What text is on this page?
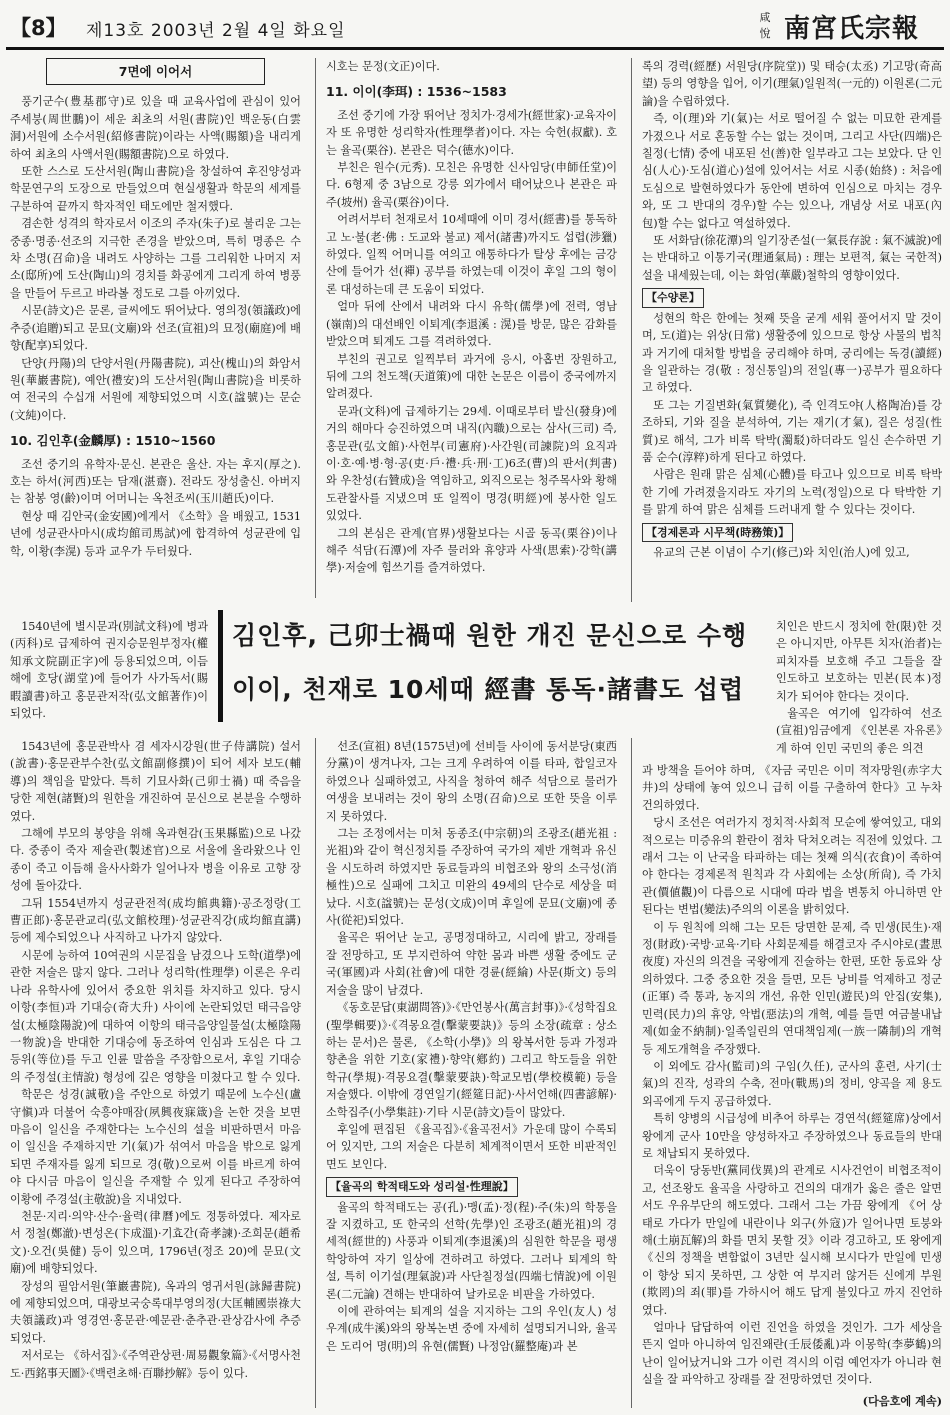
【8】 제13호 2003년 2월 4일 화요일
咸悅 南宮氏宗報
7면에 이어서

풍기군수(豊基郡守)로 있을 때 교육사업에 관심이 있어 주세붕(周世鵬)이 세운 최초의 서원(書院)인 백운동(白雲洞)서원에 소수서원(紹修書院)이라는 사액(賜額)을 내리게 하여 최초의 사액서원(賜額書院)으로 하였다.

또한 스스로 도산서원(陶山書院)을 창설하여 후진양성과 학문연구의 도장으로 만들었으며 현실생활과 학문의 세계를 구분하여 끝까지 학자적인 태도에만 철저했다.

겸손한 성격의 학자로서 이조의 주자(朱子)로 불리운 그는 중종·명종·선조의 지극한 존경을 받았으며, 특히 명종은 수차 소명(召命)을 내려도 사양하는 그를 그리워한 나머지 저소(邸所)에 도산(陶山)의 경치를 화공에게 그리게 하여 병풍을 만들어 두르고 바라볼 정도로 그를 아끼었다.

시문(詩文)은 문론, 글씨에도 뛰어났다. 영의정(領議政)에 추증(追贈)되고 문묘(文廟)와 선조(宣祖)의 묘정(廟庭)에 배향(配享)되었다.

단양(丹陽)의 단양서원(丹陽書院), 괴산(槐山)의 화암서원(華巖書院), 예안(禮安)의 도산서원(陶山書院)을 비롯하여 전국의 수십개 서원에 제향되었으며 시호(諡號)는 문순(文純)이다.

10. 김인후(金麟厚) : 1510~1560

조선 중기의 유학자·문신. 본관은 울산. 자는 후지(厚之). 호는 하서(河西)또는 담재(湛齋). 전라도 장성출신. 아버지는 참봉 영(齡)이며 어머니는 옥천조씨(玉川趙氏)이다.

현상 때 김안국(金安國)에게서 《소학》을 배웠고, 1531년에 성균관사마시(成均館司馬試)에 합격하여 성균관에 입학, 이황(李滉) 등과 교우가 두터웠다.

1540년에 별시문과(別試文科)에 병과(丙科)로 급제하여 권지승문원부정자(權知承文院副正字)에 등용되었으며, 이듬해에 호당(湖堂)에 들어가 사가독서(賜暇讀書)하고 홍문관저작(弘文館著作)이 되었다.

시호는 문정(文正)이다.

11. 이이(李珥) : 1536~1583

조선 중기에 가장 뛰어난 정치가·경세가(經世家)·교육자이자 또 유명한 성리학자(性理學者)이다. 자는 숙헌(叔獻). 호는 율곡(栗谷). 본관은 덕수(德水)이다.

부친은 원수(元秀). 모친은 유명한 신사임당(申師任堂)이다. 6형제 중 3남으로 강릉 외가에서 태어났으나 본관은 파주(坡州) 율곡(栗谷)이다.

어려서부터 천재로서 10세때에 이미 경서(經書)를 통독하고 노·불(老·佛 : 도교와 불교) 제서(諸書)까지도 섭렵(涉獵)하였다. 일찍 어머니를 여의고 애통하다가 탈상 후에는 금강산에 들어가 선(禪) 공부를 하였는데 이것이 후일 그의 형이론 대성하는데 큰 도움이 되었다.

얼마 뒤에 산에서 내려와 다시 유학(儒學)에 전력, 영남(嶺南)의 대선배인 이퇴계(李退溪 : 滉)를 방문, 많은 감화를 받았으며 퇴계도 그를 격려하였다.

부친의 권고로 일찍부터 과거에 응시, 아홉번 장원하고, 뒤에 그의 천도책(天道策)에 대한 논문은 이름이 중국에까지 알려졌다.

문과(文科)에 급제하기는 29세. 이때로부터 발신(發身)에 거의 해마다 승진하였으며 내직(內職)으로는 삼사(三司) 즉, 홍문관(弘文館)·사헌부(司憲府)·사간원(司諫院)의 요직과 이·호·예·병·형·공(吏·戶·禮·兵·刑·工)6조(曹)의 판서(判書)와 우찬성(右贊成)을 역임하고, 외직으로는 청주목사와 황해도관찰사를 지냈으며 또 일찍이 명경(明經)에 봉사한 일도 있었다.

그의 본심은 관계(官界)생활보다는 시골 동곡(栗谷)이나 해주 석담(石潭)에 자주 물러와 휴양과 사색(思索)·강학(講學)·저술에 힘쓰기를 즐겨하였다.

록의 경력(經歷) 서원당(序院堂)) 및 태승(太丞) 기고망(奇高望) 등의 영향을 입어, 이기(理氣)일원적(一元的) 이원론(二元論)을 수립하였다.

즉, 이(理)와 기(氣)는 서로 떨어질 수 없는 미묘한 관계를 가졌으나 서로 혼동할 수는 없는 것이며, 그리고 사단(四端)은 칠정(七情) 중에 내포된 선(善)한 일부라고 그는 보았다. 단 인심(人心)·도심(道心)설에 있어서는 서로 시종(始終) : 처음에 도심으로 발현하였다가 동안에 변하여 인심으로 마치는 경우와, 또 그 반대의 경우)할 수는 있으나, 개념상 서로 내포(內包)할 수는 없다고 역설하였다.

또 서화담(徐花潭)의 일기장존설(一氣長存說 : 氣不滅說)에는 반대하고 이통기국(理通氣局) : 理는 보편적, 氣는 국한적)설을 내세웠는데, 이는 화엄(華嚴)철학의 영향이었다.

【수양론】

성현의 학은 한에는 첫째 뜻을 굳게 세워 풀어서지 말 것이며, 도(道)는 위상(日常) 생활중에 있으므로 항상 사물의 법칙과 거기에 대처할 방법을 궁리해야 하며, 궁리에는 독경(讀經)을 일관하는 경(敬 : 정신통일)의 전일(專一)공부가 필요하다고 하였다.

또 그는 기질변화(氣質變化), 즉 인격도야(人格陶冶)를 강조하되, 기와 질을 분석하여, 기는 재기(才氣), 질은 성질(性質)로 해석, 그가 비록 탁박(濁駁)하더라도 일신 손수하면 기품 순수(淳粹)하게 된다고 하였다.

사람은 원래 맑은 심체(心體)를 타고나 있으므로 비록 탁박한 기에 가려졌을지라도 자기의 노력(정일)으로 다 탁박한 기를 맑게 하여 맑은 심체를 드러내게 할 수 있다는 것이다.

【경제론과 시무책(時務策)】

유교의 근본 이념이 수기(修己)와 치인(治人)에 있고,

치인은 반드시 정치에 한(限)한 것은 아니지만, 아무튼 치자(治者)는 피치자를 보호해 주고 그들을 잘 인도하고 보호하는 민본(民本)정치가 되어야 한다는 것이다.

율곡은 여기에 입각하여 선조(宣祖)임금에게 《인본론 자유론》게 하여 인민 국민의 좋은 의견

김인후, 己卯士禍때 원한 개진 문신으로 수행
이이, 천재로 10세때 經書 통독·諸書도 섭렵

1543년에 홍문관박사 겸 세자시강원(世子侍講院) 설서(說書)·홍문관부수찬(弘文館副修撰)이 되어 세자 보도(輔導)의 책임을 맡았다. 특히 기묘사화(己卯士禍) 때 죽음을 당한 제현(諸賢)의 원한을 개진하여 문신으로 본분을 수행하였다.

그해에 부모의 봉양을 위해 옥과현감(玉果縣監)으로 나갔다. 중종이 죽자 제술관(製述官)으로 서울에 올라왔으나 인종이 죽고 이듬해 을사사화가 일어나자 병을 이유로 고향 장성에 돌아갔다.

그뒤 1554년까지 성균관전적(成均館典籍)·공조정랑(工曹正郎)·홍문관교리(弘文館校理)·성균관직강(成均館直講) 등에 제수되었으나 사직하고 나가지 않았다.

시문에 능하여 10여권의 시문집을 남겼으나 도학(道學)에 관한 저술은 많지 않다. 그러나 성리학(性理學) 이론은 우리나라 유학사에 있어서 중요한 위치를 차지하고 있다. 당시 이항(李恒)과 기대승(奇大升) 사이에 논란되었던 태극음양설(太極陰陽說)에 대하여 이항의 태극음양일물설(太極陰陽一物說)을 반대한 기대승에 동조하여 인심과 도심은 다 그 등위(等位)를 두고 인륜 말씀을 주장함으로서, 후일 기대승의 주정설(主情說) 형성에 깊은 영향을 미쳤다고 할 수 있다.

학문은 성경(誠敬)을 주안으로 하였기 때문에 노수신(盧守愼)과 더불어 숙흥야매잠(夙興夜寐箴)을 논한 것을 보면 마음이 일신을 주재한다는 노수신의 설을 비판하면서 마음이 일신을 주재하지만 기(氣)가 섞여서 마음을 밖으로 잃게 되면 주재자를 잃게 되므로 경(敬)으로써 이를 바르게 하여야 다시금 마음이 일신을 주재할 수 있게 된다고 주장하여 이황에 주경설(主敬說)을 지내었다.

천문·지리·의약·산수·율력(律曆)에도 정통하였다. 제자로서 정철(鄭澈)·변성온(卞成溫)·기효간(奇孝諫)·조희문(趙希文)·오건(吳健) 등이 있으며, 1796년(정조 20)에 문묘(文廟)에 배향되었다.

장성의 필암서원(筆巖書院), 옥과의 영귀서원(詠歸書院)에 제향되었으며, 대광보국숭록대부영의정(大匡輔國崇祿大夫領議政)과 영경연·홍문관·예문관·춘추관·관상감사에 추증되었다.

저서로는 《하서집》·《주역관상편·周易觀象篇》·《서명사천도·西銘事天圖》·《백련초해·百聯抄解》등이 있다.

선조(宣祖) 8년(1575년)에 선비들 사이에 동서분당(東西分黨)이 생겨나자, 그는 크게 우려하여 이를 타파, 합일코자 하였으나 실패하였고, 사직을 청하여 해주 석담으로 물러가 여생을 보내려는 것이 왕의 소명(召命)으로 또한 뜻을 이루지 못하였다.

그는 조정에서는 미처 동종조(中宗朝)의 조광조(趙光祖 : 光祖)와 같이 혁신정치를 주장하여 국가의 제반 개혁과 유신을 시도하려 하였지만 동료들과의 비협조와 왕의 소극성(消極性)으로 실패에 그치고 미완의 49세의 단수로 세상을 떠났다. 시호(諡號)는 문성(文成)이며 후일에 문묘(文廟)에 종사(從祀)되었다.

율곡은 뛰어난 눈고, 공명정대하고, 시리에 밝고, 장래를 잘 전망하고, 또 부지런하여 약한 몸과 바쁜 생활 중에도 군국(軍國)과 사회(社會)에 대한 경륜(經綸) 사문(斯文) 등의 저술을 많이 남겼다.

《동호문답(東湖問答)》·《만언봉사(萬言封事)》·《성학집요(聖學輯要)》·《격몽요결(擊蒙要訣)》등의 소장(疏章 : 상소하는 문서)은 물론, 《소학(小學)》의 왕복서한 등과 가정과 향촌을 위한 기호(家禮)·향약(鄕約) 그리고 학도들을 위한 학규(學規)·격몽요결(擊蒙要訣)·학교모범(學校模範) 등을 저술했다. 이밖에 경연일기(經筵日記)·사서언해(四書諺解)·소학집주(小學集註)·기타 시문(詩文)들이 많았다.

후일에 편집된 《율곡집》·《율곡전서》가운데 많이 수록되어 있지만, 그의 저술은 다분히 체계적이면서 또한 비판적인 면도 보인다.

【율곡의 학적태도와 성리설·性理說】

율곡의 학적태도는 공(孔)·맹(孟)·정(程)·주(朱)의 학통을 잘 지켰하고, 또 한국의 선학(先學)인 조광조(趙光祖)의 경세적(經世的) 사풍과 이퇴계(李退溪)의 심원한 학문을 평생 학앙하여 자기 일상에 견하려고 하였다. 그러나 퇴계의 학설, 특히 이기설(理氣說)과 사단칠정설(四端七情說)에 이원론(二元論) 견해는 반대하여 날카로운 비판을 가하였다.

이에 관하여는 퇴계의 설을 지지하는 그의 우인(友人) 성우계(成牛溪)와의 왕복논변 중에 자세히 설명되거니와, 율곡은 도리어 명(明)의 유현(儒賢) 나정암(羅整庵)과 본

과 방책을 듣어야 하며, 《자금 국민은 이미 적자망원(赤字大井)의 상태에 놓여 있으니 급히 이를 구출하여 한다》고 누차 건의하였다.

당시 조선은 여러가지 정치적·사회적 모순에 쌓여있고, 대외적으로는 미증유의 환란이 점차 닥쳐오려는 직전에 있었다. 그래서 그는 이 난국을 타파하는 데는 첫째 의식(衣食)이 족하여야 한다는 경제론적 원칙과 각 사회에는 소상(所尙), 즉 가치관(價値觀)이 다름으로 시대에 따라 법을 변통치 아니하면 안된다는 변법(變法)주의의 이론을 밝히었다.

이 두 원칙에 의해 그는 모든 당면한 문제, 즉 민생(民生)·재정(財政)·국방·교육·기타 사회문제를 해결코자 주시야로(晝思夜度) 자신의 의견을 국왕에게 진술하는 한편, 또한 동료와 상의하였다. 그중 중요한 것을 들면, 모든 낭비를 억제하고 정군(正軍) 즉 통과, 농지의 개선, 유한 인민(遊民)의 안집(安集), 민력(民力)의 휴양, 악법(惡法)의 개혁, 예를 들면 여금불내납제(如金不納制)·일족일린의 연대책임제(一族一隣制)의 개혁 등 제도개혁을 주장했다.

이 외에도 감사(監司)의 구임(久任), 군사의 훈련, 사기(士氣)의 진작, 성곽의 수축, 전마(戰馬)의 정비, 양곡을 제 용도 외곡에게 두지 공급하였다.

특히 양병의 시급성에 비추어 하루는 경연석(經筵席)상에서 왕에게 군사 10만을 양성하자고 주장하였으나 동료들의 반대로 채납되지 못하였다.

더욱이 당동반(黨同伐異)의 관계로 시사건언이 비협조적이고, 선조왕도 율곡을 사랑하고 건의의 대개가 옳은 줄은 알면서도 우유부단의 해도였다. 그래서 그는 가끔 왕에게 《어 상태로 가다가 만일에 내란이나 외구(外寇)가 일어나면 토붕와해(土崩瓦解)의 화를 면치 못할 것》이라 경고하고, 또 왕에게 《신의 정책을 변함없이 3년만 실시해 보시다가 만일에 민생이 향상 되지 못하면, 그 상한 여 부지러 않거든 신에게 부원(欺罔)의 죄(罪)를 가하시어 해도 답게 불있다고 까지 진언하였다.

얼마나 답답하여 이런 진언을 하였을 것인가. 그가 세상을 뜬지 얼마 아니하여 임진왜란(壬辰倭亂)과 이몽학(李夢鶴)의 난이 일어났거니와 그가 이런 격시의 이럼 예언자가 아니라 현실을 잘 파악하고 장래를 잘 전망하였던 것이다.

(다음호에 계속)
